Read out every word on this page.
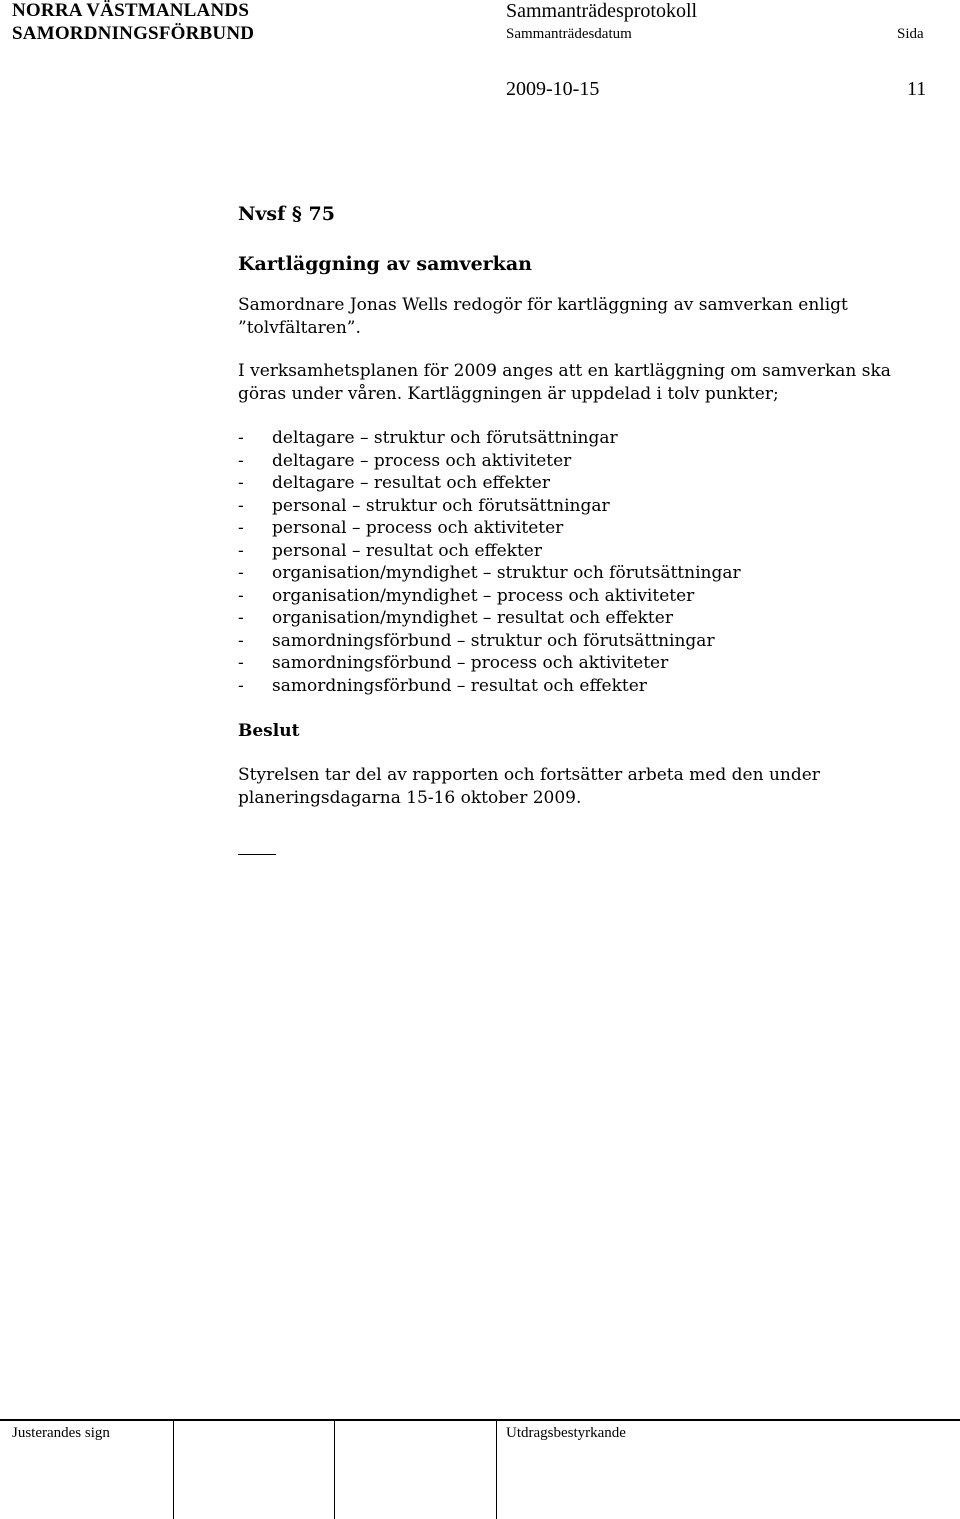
NORRA VÄSTMANLANDS
SAMORDNINGSFÖRBUND
Sammanträdesprotokoll
Sammanträdesdatum	Sida
2009-10-15	11
Nvsf § 75
Kartläggning av samverkan

Samordnare Jonas Wells redogör för kartläggning av samverkan enligt ”tolvfältaren”.

I verksamhetsplanen för 2009 anges att en kartläggning om samverkan ska göras under våren. Kartläggningen är uppdelad i tolv punkter;

-	deltagare – struktur och förutsättningar
-	deltagare – process och aktiviteter
-	deltagare – resultat och effekter
-	personal – struktur och förutsättningar
-	personal – process och aktiviteter
-	personal – resultat och effekter
-	organisation/myndighet – struktur och förutsättningar
-	organisation/myndighet – process och aktiviteter
-	organisation/myndighet – resultat och effekter
-	samordningsförbund – struktur och förutsättningar
-	samordningsförbund – process och aktiviteter
-	samordningsförbund – resultat och effekter
Beslut

Styrelsen tar del av rapporten och fortsätter arbeta med den under planeringsdagarna 15-16 oktober 2009.

Justerandes sign	Utdragsbestyrkande
